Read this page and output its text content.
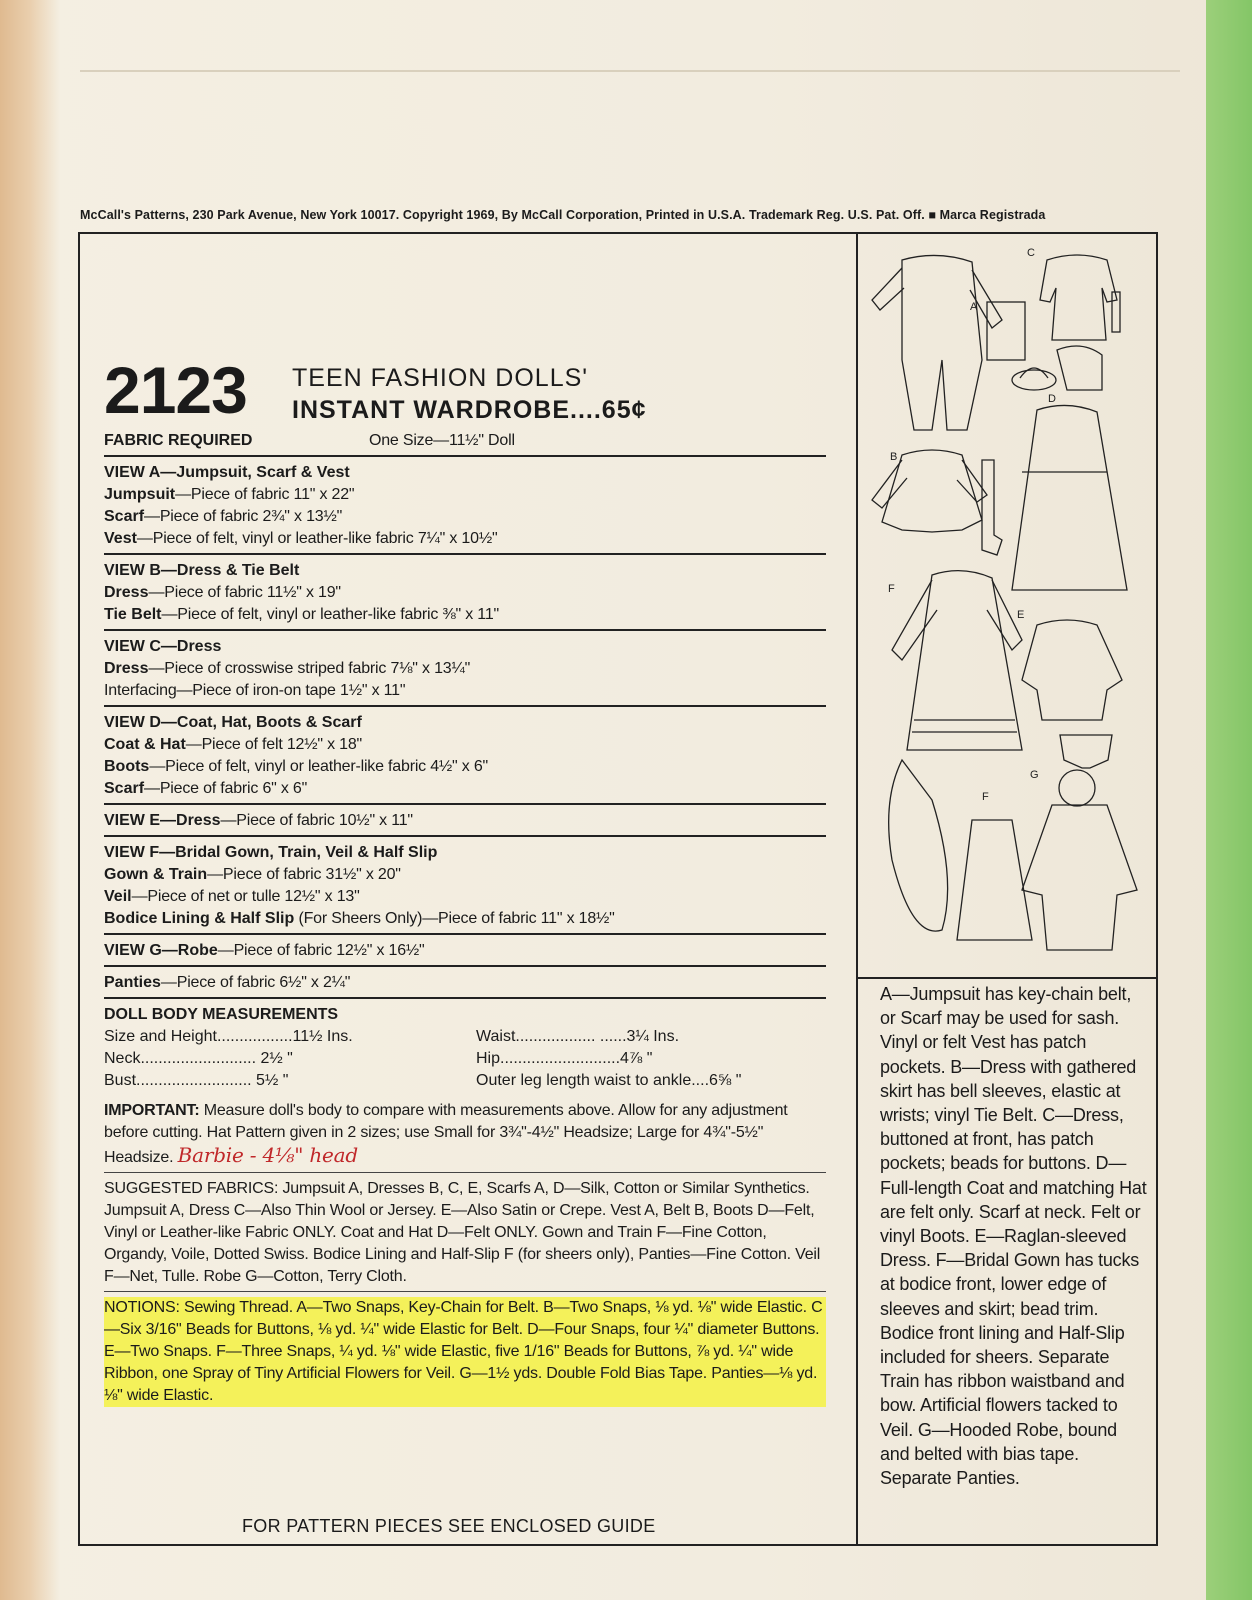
McCall's Patterns, 230 Park Avenue, New York 10017. Copyright 1969, By McCall Corporation, Printed in U.S.A. Trademark Reg. U.S. Pat. Off. ■ Marca Registrada
2123 TEEN FASHION DOLLS'
INSTANT WARDROBE....65¢
FABRIC REQUIRED	One Size—11½" Doll
VIEW A—Jumpsuit, Scarf & Vest
Jumpsuit—Piece of fabric 11" x 22"
Scarf—Piece of fabric 2¾" x 13½"
Vest—Piece of felt, vinyl or leather-like fabric 7¼" x 10½"
VIEW B—Dress & Tie Belt
Dress—Piece of fabric 11½" x 19"
Tie Belt—Piece of felt, vinyl or leather-like fabric ⅜" x 11"
VIEW C—Dress
Dress—Piece of crosswise striped fabric 7⅛" x 13¼"
Interfacing—Piece of iron-on tape 1½" x 11"
VIEW D—Coat, Hat, Boots & Scarf
Coat & Hat—Piece of felt 12½" x 18"
Boots—Piece of felt, vinyl or leather-like fabric 4½" x 6"
Scarf—Piece of fabric 6" x 6"
VIEW E—Dress—Piece of fabric 10½" x 11"
VIEW F—Bridal Gown, Train, Veil & Half Slip
Gown & Train—Piece of fabric 31½" x 20"
Veil—Piece of net or tulle 12½" x 13"
Bodice Lining & Half Slip (For Sheers Only)—Piece of fabric 11" x 18½"
VIEW G—Robe—Piece of fabric 12½" x 16½"
Panties—Piece of fabric 6½" x 2¼"
DOLL BODY MEASUREMENTS
Size and Height.................11½ Ins.	Waist.................. ......3¼ Ins.
Neck.......................... 2½ "	Hip...........................4⅞ "
Bust.......................... 5½ "	Outer leg length waist to ankle....6⅝ "
IMPORTANT: Measure doll's body to compare with measurements above. Allow for any adjustment before cutting. Hat Pattern given in 2 sizes; use Small for 3¾"-4½" Headsize; Large for 4¾"-5½" Headsize. Barbie - 4⅛" head
SUGGESTED FABRICS: Jumpsuit A, Dresses B, C, E, Scarfs A, D—Silk, Cotton or Similar Synthetics. Jumpsuit A, Dress C—Also Thin Wool or Jersey. E—Also Satin or Crepe. Vest A, Belt B, Boots D—Felt, Vinyl or Leather-like Fabric ONLY. Coat and Hat D—Felt ONLY. Gown and Train F—Fine Cotton, Organdy, Voile, Dotted Swiss. Bodice Lining and Half-Slip F (for sheers only), Panties—Fine Cotton. Veil F—Net, Tulle. Robe G—Cotton, Terry Cloth.
NOTIONS: Sewing Thread. A—Two Snaps, Key-Chain for Belt. B—Two Snaps, ⅛ yd. ⅛" wide Elastic. C—Six 3/16" Beads for Buttons, ⅛ yd. ¼" wide Elastic for Belt. D—Four Snaps, four ¼" diameter Buttons. E—Two Snaps. F—Three Snaps, ¼ yd. ⅛" wide Elastic, five 1/16" Beads for Buttons, ⅞ yd. ¼" wide Ribbon, one Spray of Tiny Artificial Flowers for Veil. G—1½ yds. Double Fold Bias Tape. Panties—⅛ yd. ⅛" wide Elastic.
A
C
D
B
F
E
F
G
A—Jumpsuit has key-chain belt, or Scarf may be used for sash. Vinyl or felt Vest has patch pockets. B—Dress with gathered skirt has bell sleeves, elastic at wrists; vinyl Tie Belt. C—Dress, buttoned at front, has patch pockets; beads for buttons. D—Full-length Coat and matching Hat are felt only. Scarf at neck. Felt or vinyl Boots. E—Raglan-sleeved Dress. F—Bridal Gown has tucks at bodice front, lower edge of sleeves and skirt; bead trim. Bodice front lining and Half-Slip included for sheers. Separate Train has ribbon waistband and bow. Artificial flowers tacked to Veil. G—Hooded Robe, bound and belted with bias tape. Separate Panties.
FOR PATTERN PIECES SEE ENCLOSED GUIDE
